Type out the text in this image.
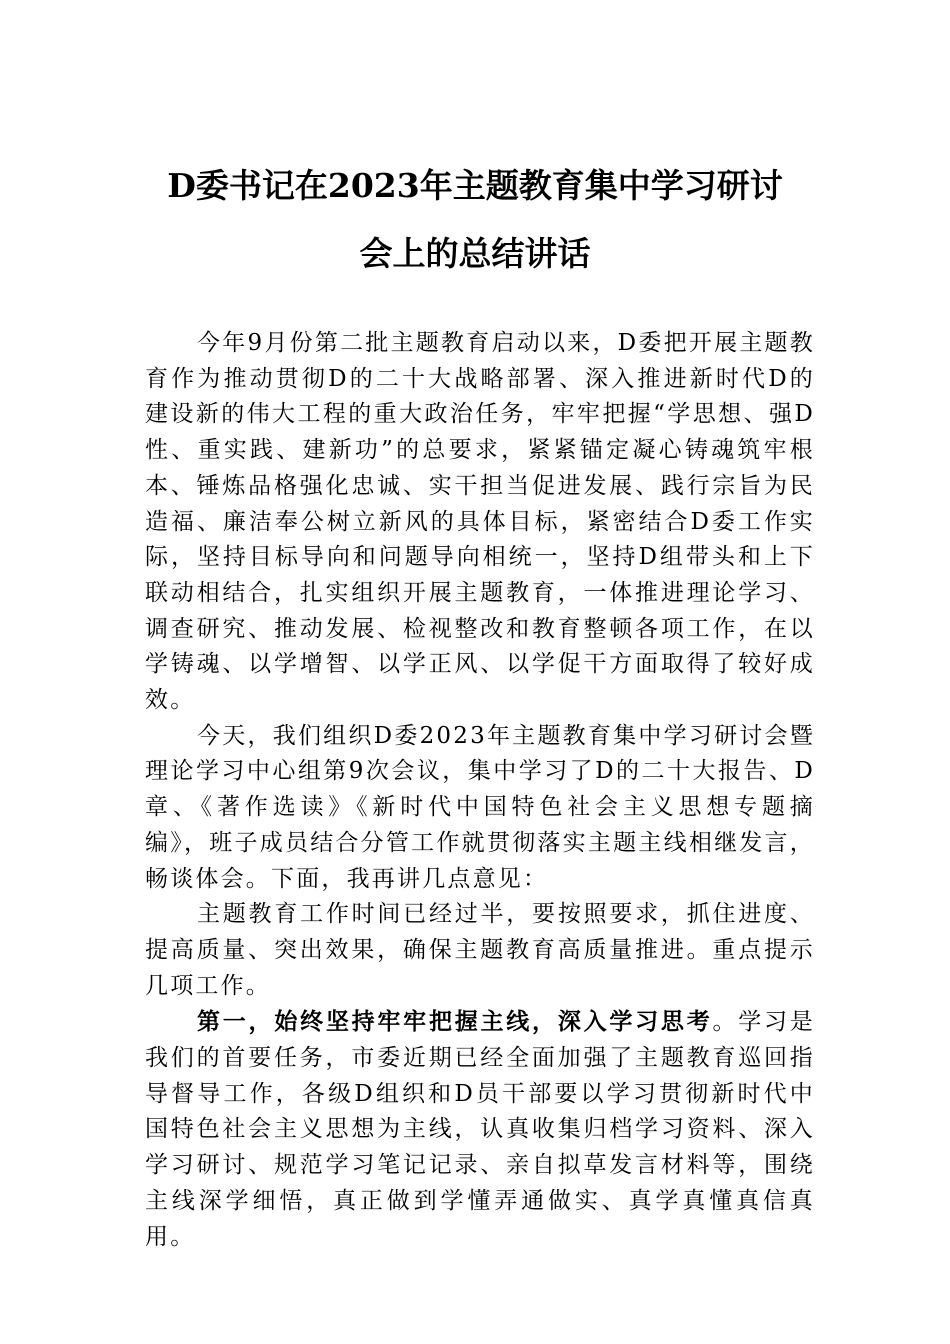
D委书记在2023年主题教育集中学习研讨
会上的总结讲话

今年9月份第二批主题教育启动以来，D委把开展主题教育作为推动贯彻D的二十大战略部署、深入推进新时代D的建设新的伟大工程的重大政治任务，牢牢把握“学思想、强D性、重实践、建新功”的总要求，紧紧锚定凝心铸魂筑牢根本、锤炼品格强化忠诚、实干担当促进发展、践行宗旨为民造福、廉洁奉公树立新风的具体目标，紧密结合D委工作实际，坚持目标导向和问题导向相统一，坚持D组带头和上下联动相结合，扎实组织开展主题教育，一体推进理论学习、调查研究、推动发展、检视整改和教育整顿各项工作，在以学铸魂、以学增智、以学正风、以学促干方面取得了较好成效。

今天，我们组织D委2023年主题教育集中学习研讨会暨理论学习中心组第9次会议，集中学习了D的二十大报告、D章、《著作选读》《新时代中国特色社会主义思想专题摘编》，班子成员结合分管工作就贯彻落实主题主线相继发言，畅谈体会。下面，我再讲几点意见：

主题教育工作时间已经过半，要按照要求，抓住进度、提高质量、突出效果，确保主题教育高质量推进。重点提示几项工作。

第一，始终坚持牢牢把握主线，深入学习思考。学习是我们的首要任务，市委近期已经全面加强了主题教育巡回指导督导工作，各级D组织和D员干部要以学习贯彻新时代中国特色社会主义思想为主线，认真收集归档学习资料、深入学习研讨、规范学习笔记记录、亲自拟草发言材料等，围绕主线深学细悟，真正做到学懂弄通做实、真学真懂真信真用。
